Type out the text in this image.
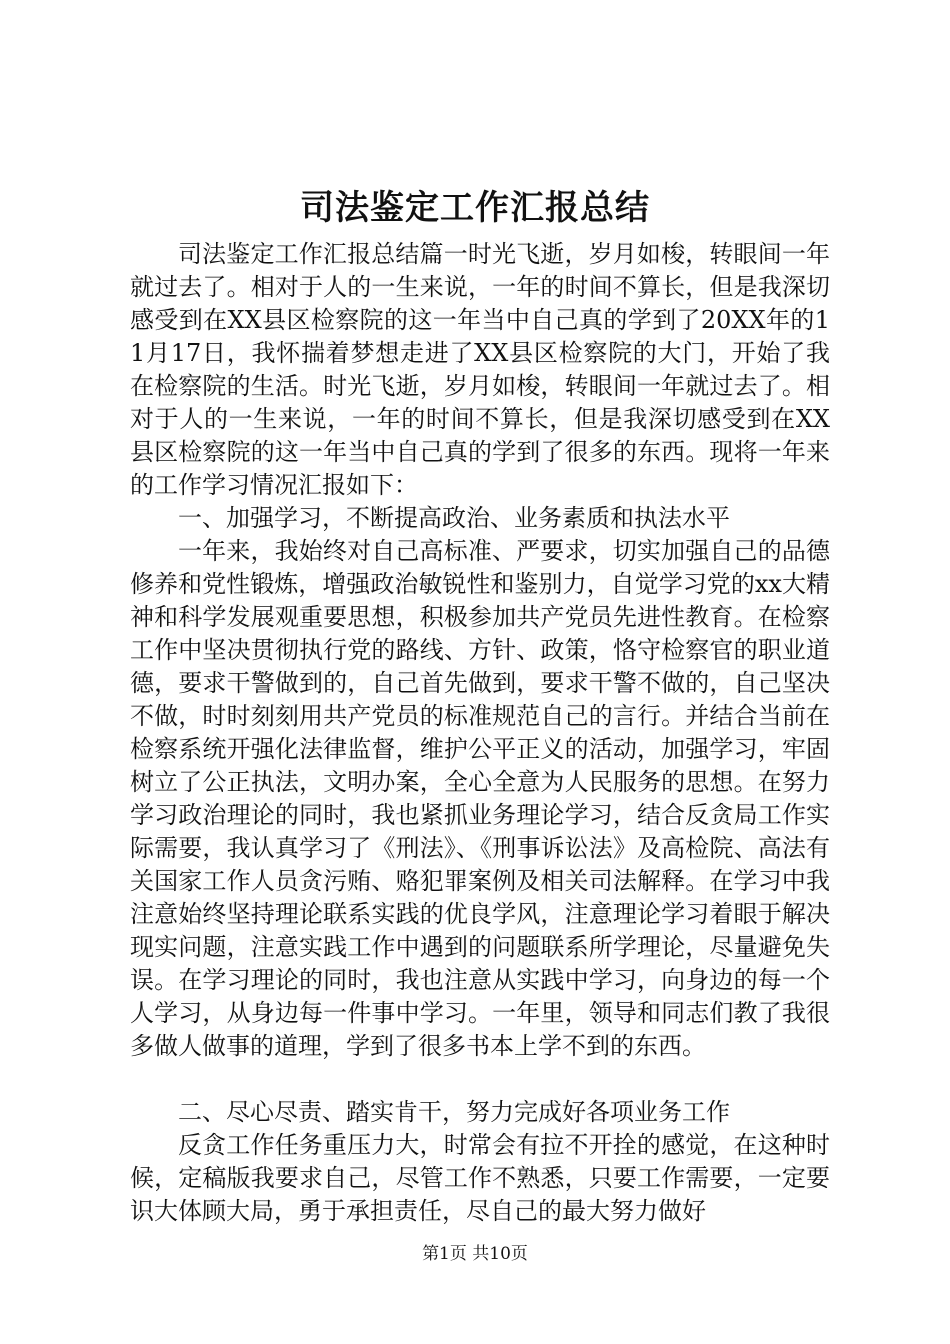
司法鉴定工作汇报总结

司法鉴定工作汇报总结篇一时光飞逝，岁月如梭，转眼间一年就过去了。相对于人的一生来说，一年的时间不算长，但是我深切感受到在XX县区检察院的这一年当中自己真的学到了20XX年的11月17日，我怀揣着梦想走进了XX县区检察院的大门，开始了我在检察院的生活。时光飞逝，岁月如梭，转眼间一年就过去了。相对于人的一生来说，一年的时间不算长，但是我深切感受到在XX县区检察院的这一年当中自己真的学到了很多的东西。现将一年来的工作学习情况汇报如下：

一、加强学习，不断提高政治、业务素质和执法水平

一年来，我始终对自己高标准、严要求，切实加强自己的品德修养和党性锻炼，增强政治敏锐性和鉴别力，自觉学习党的xx大精神和科学发展观重要思想，积极参加共产党员先进性教育。在检察工作中坚决贯彻执行党的路线、方针、政策，恪守检察官的职业道德，要求干警做到的，自己首先做到，要求干警不做的，自己坚决不做，时时刻刻用共产党员的标准规范自己的言行。并结合当前在检察系统开强化法律监督，维护公平正义的活动，加强学习，牢固树立了公正执法，文明办案，全心全意为人民服务的思想。在努力学习政治理论的同时，我也紧抓业务理论学习，结合反贪局工作实际需要，我认真学习了《刑法》、《刑事诉讼法》及高检院、高法有关国家工作人员贪污贿、赂犯罪案例及相关司法解释。在学习中我注意始终坚持理论联系实践的优良学风，注意理论学习着眼于解决现实问题，注意实践工作中遇到的问题联系所学理论，尽量避免失误。在学习理论的同时，我也注意从实践中学习，向身边的每一个人学习，从身边每一件事中学习。一年里，领导和同志们教了我很多做人做事的道理，学到了很多书本上学不到的东西。

二、尽心尽责、踏实肯干，努力完成好各项业务工作

反贪工作任务重压力大，时常会有拉不开拴的感觉，在这种时候，定稿版我要求自己，尽管工作不熟悉，只要工作需要，一定要识大体顾大局，勇于承担责任，尽自己的最大努力做好

第1页 共10页
